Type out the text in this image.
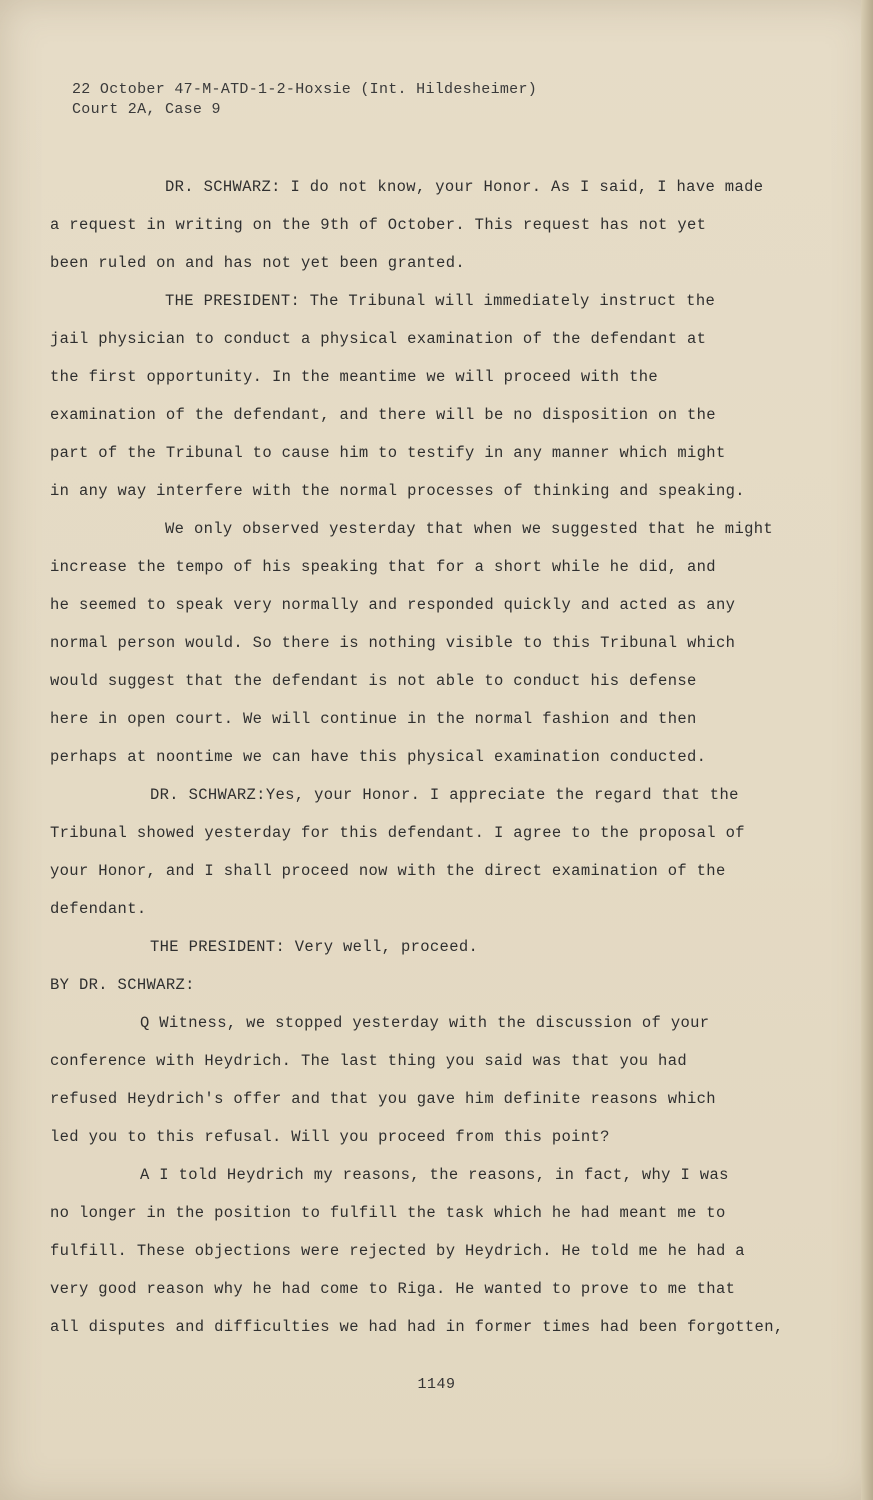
22 October 47-M-ATD-1-2-Hoxsie (Int. Hildesheimer)
Court 2A, Case 9
DR. SCHWARZ: I do not know, your Honor. As I said, I have made
a request in writing on the 9th of October. This request has not yet
been ruled on and has not yet been granted.
THE PRESIDENT: The Tribunal will immediately instruct the
jail physician to conduct a physical examination of the defendant at
the first opportunity. In the meantime we will proceed with the
examination of the defendant, and there will be no disposition on the
part of the Tribunal to cause him to testify in any manner which might
in any way interfere with the normal processes of thinking and speaking.
We only observed yesterday that when we suggested that he might
increase the tempo of his speaking that for a short while he did, and
he seemed to speak very normally and responded quickly and acted as any
normal person would. So there is nothing visible to this Tribunal which
would suggest that the defendant is not able to conduct his defense
here in open court. We will continue in the normal fashion and then
perhaps at noontime we can have this physical examination conducted.
DR. SCHWARZ:Yes, your Honor. I appreciate the regard that the
Tribunal showed yesterday for this defendant. I agree to the proposal of
your Honor, and I shall proceed now with the direct examination of the
defendant.
THE PRESIDENT: Very well, proceed.
BY DR. SCHWARZ:
Q Witness, we stopped yesterday with the discussion of your
conference with Heydrich. The last thing you said was that you had
refused Heydrich's offer and that you gave him definite reasons which
led you to this refusal. Will you proceed from this point?
A I told Heydrich my reasons, the reasons, in fact, why I was
no longer in the position to fulfill the task which he had meant me to
fulfill. These objections were rejected by Heydrich. He told me he had a
very good reason why he had come to Riga. He wanted to prove to me that
all disputes and difficulties we had had in former times had been forgotten,
1149
